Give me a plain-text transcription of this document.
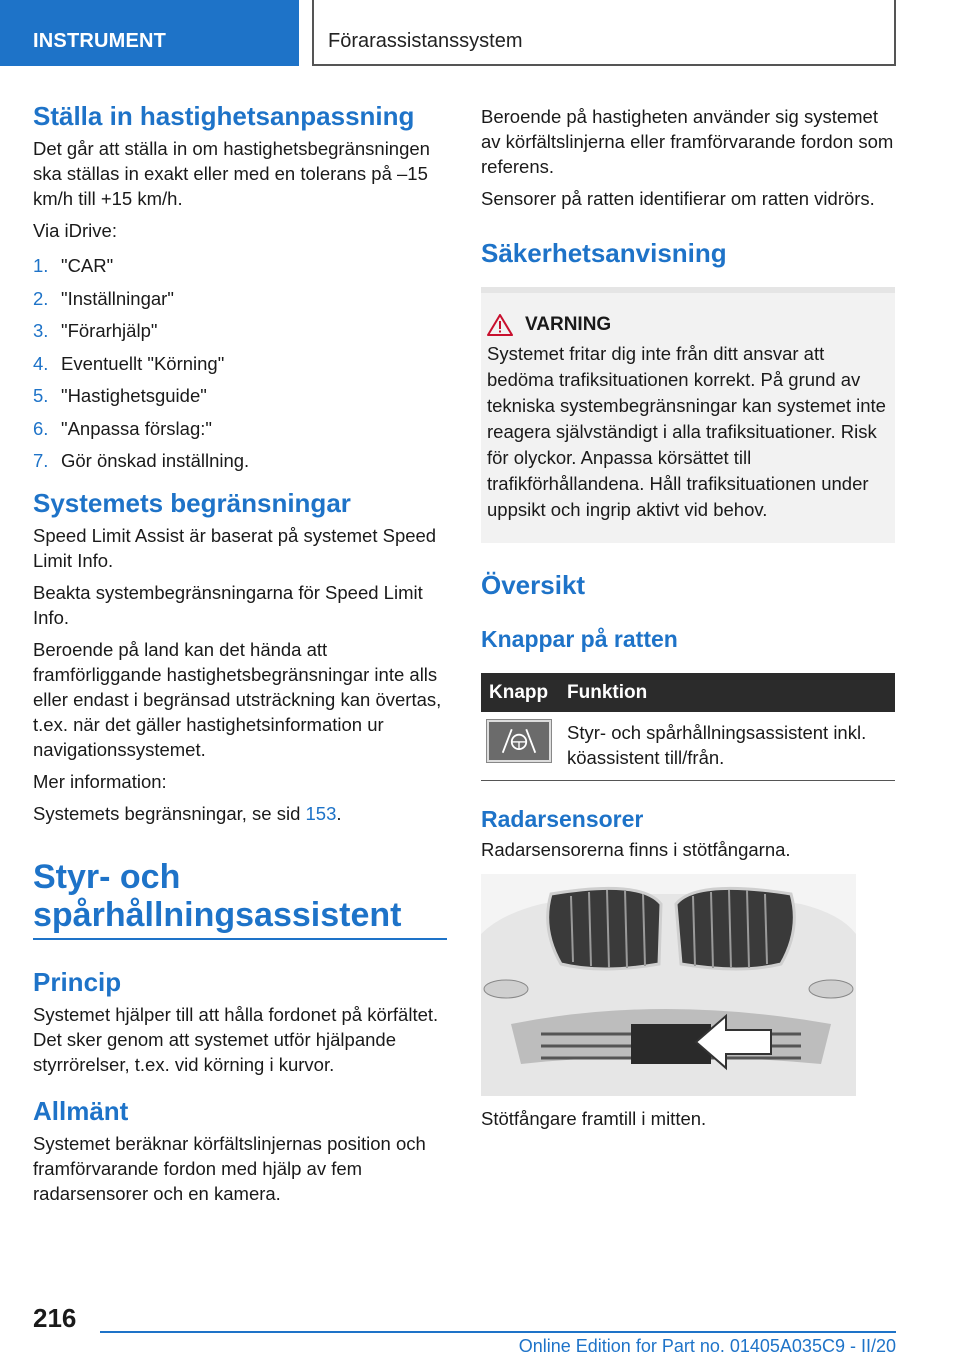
INSTRUMENT	Förarassistanssystem
Ställa in hastighetsanpassning

Det går att ställa in om hastighetsbegränsningen ska ställas in exakt eller med en tolerans på –15 km/h till +15 km/h.

Via iDrive:

1. "CAR"
2. "Inställningar"
3. "Förarhjälp"
4. Eventuellt "Körning"
5. "Hastighetsguide"
6. "Anpassa förslag:"
7. Gör önskad inställning.
Systemets begränsningar

Speed Limit Assist är baserat på systemet Speed Limit Info.

Beakta systembegränsningarna för Speed Limit Info.

Beroende på land kan det hända att framförliggande hastighetsbegränsningar inte alls eller endast i begränsad utsträckning kan övertas, t.ex. när det gäller hastighetsinformation ur navigationssystemet.

Mer information:

Systemets begränsningar, se sid 153.

Styr- och spårhållningsassistent
Princip

Systemet hjälper till att hålla fordonet på körfältet. Det sker genom att systemet utför hjälpande styrrörelser, t.ex. vid körning i kurvor.

Allmänt

Systemet beräknar körfältslinjernas position och framförvarande fordon med hjälp av fem radarsensorer och en kamera.

Beroende på hastigheten använder sig systemet av körfältslinjerna eller framförvarande fordon som referens.

Sensorer på ratten identifierar om ratten vidrörs.

Säkerhetsanvisning
VARNING

Systemet fritar dig inte från ditt ansvar att bedöma trafiksituationen korrekt. På grund av tekniska systembegränsningar kan systemet inte reagera självständigt i alla trafiksituationer. Risk för olyckor. Anpassa körsättet till trafikförhållandena. Håll trafiksituationen under uppsikt och ingrip aktivt vid behov.

Översikt
Knappar på ratten
Knapp	Funktion

	Styr- och spårhållningsassistent inkl. köassistent till/från.
Radarsensorer

Radarsensorerna finns i stötfångarna.

Stötfångare framtill i mitten.

216
Online Edition for Part no. 01405A035C9 - II/20
